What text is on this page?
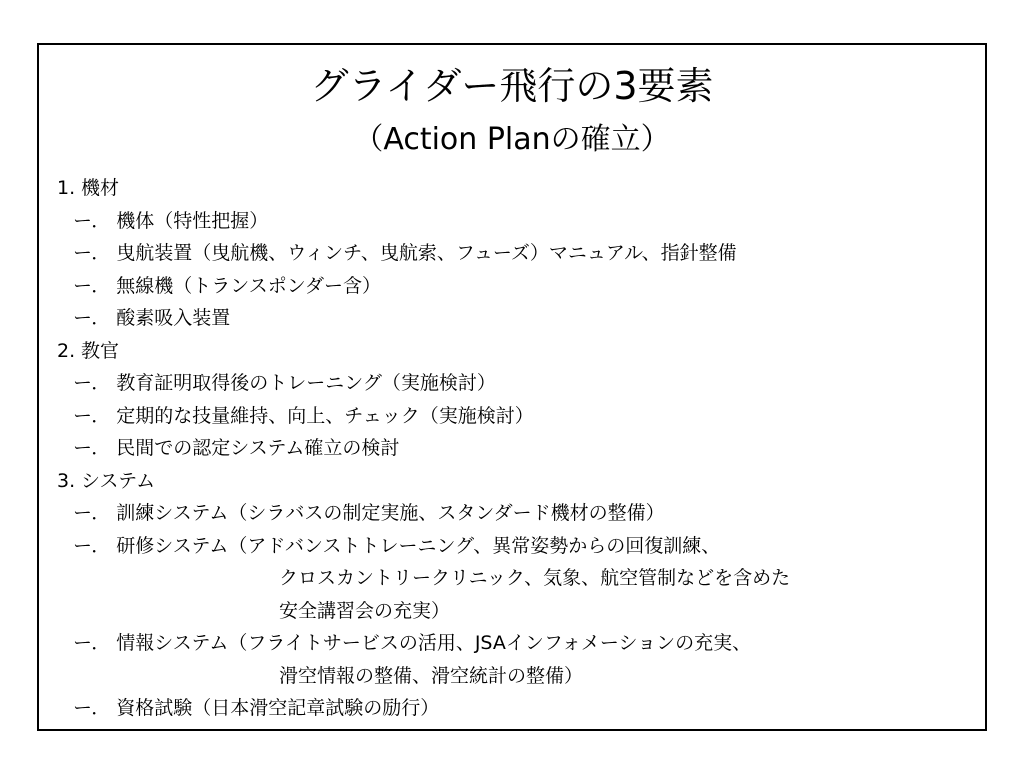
グライダー飛行の3要素
（Action Planの確立）
1. 機材
ー． 機体（特性把握）
ー． 曳航装置（曳航機、ウィンチ、曳航索、フューズ）マニュアル、指針整備
ー． 無線機（トランスポンダー含）
ー． 酸素吸入装置
2. 教官
ー． 教育証明取得後のトレーニング（実施検討）
ー． 定期的な技量維持、向上、チェック（実施検討）
ー． 民間での認定システム確立の検討
3. システム
ー． 訓練システム（シラバスの制定実施、スタンダード機材の整備）
ー． 研修システム（アドバンストトレーニング、異常姿勢からの回復訓練、
クロスカントリークリニック、気象、航空管制などを含めた
安全講習会の充実）
ー． 情報システム（フライトサービスの活用、JSAインフォメーションの充実、
滑空情報の整備、滑空統計の整備）
ー． 資格試験（日本滑空記章試験の励行）
